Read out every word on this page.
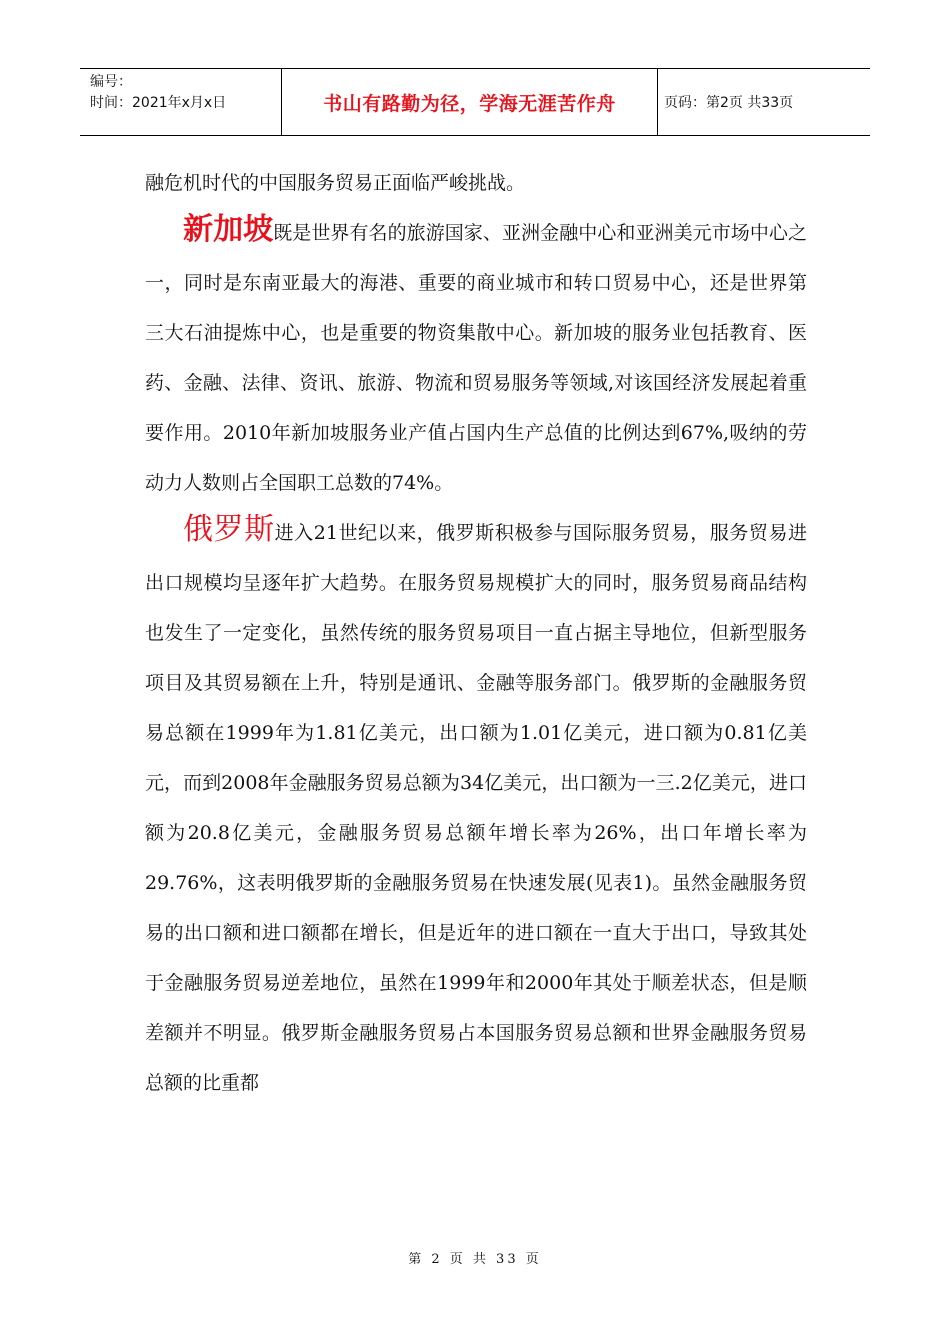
编号：
时间：2021年x月x日	书山有路勤为径，学海无涯苦作舟	页码：第2页 共33页

融危机时代的中国服务贸易正面临严峻挑战。

新加坡既是世界有名的旅游国家、亚洲金融中心和亚洲美元市场中心之一，同时是东南亚最大的海港、重要的商业城市和转口贸易中心，还是世界第三大石油提炼中心，也是重要的物资集散中心。新加坡的服务业包括教育、医药、金融、法律、资讯、旅游、物流和贸易服务等领域,对该国经济发展起着重要作用。2010年新加坡服务业产值占国内生产总值的比例达到67%,吸纳的劳动力人数则占全国职工总数的74%。

俄罗斯进入21世纪以来，俄罗斯积极参与国际服务贸易，服务贸易进出口规模均呈逐年扩大趋势。在服务贸易规模扩大的同时，服务贸易商品结构也发生了一定变化，虽然传统的服务贸易项目一直占据主导地位，但新型服务项目及其贸易额在上升，特别是通讯、金融等服务部门。俄罗斯的金融服务贸易总额在1999年为1.81亿美元，出口额为1.01亿美元，进口额为0.81亿美元，而到2008年金融服务贸易总额为34亿美元，出口额为一三.2亿美元，进口额为20.8亿美元，金融服务贸易总额年增长率为26%，出口年增长率为29.76%，这表明俄罗斯的金融服务贸易在快速发展(见表1)。虽然金融服务贸易的出口额和进口额都在增长，但是近年的进口额在一直大于出口，导致其处于金融服务贸易逆差地位，虽然在1999年和2000年其处于顺差状态，但是顺差额并不明显。俄罗斯金融服务贸易占本国服务贸易总额和世界金融服务贸易总额的比重都

第 2 页 共 33 页
